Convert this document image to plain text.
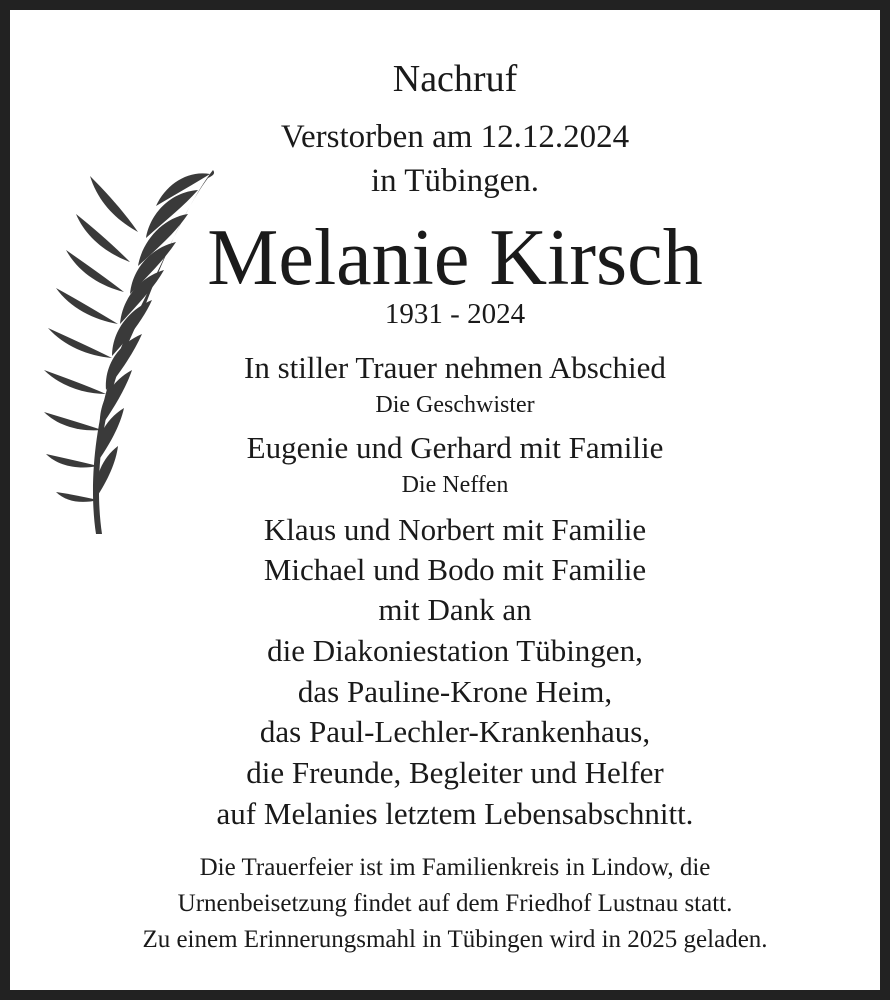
Nachruf
Verstorben am 12.12.2024
in Tübingen.
Melanie Kirsch
1931 - 2024
In stiller Trauer nehmen Abschied
Die Geschwister
Eugenie und Gerhard mit Familie
Die Neffen
Klaus und Norbert mit Familie
Michael und Bodo mit Familie
mit Dank an
die Diakoniestation Tübingen,
das Pauline-Krone Heim,
das Paul-Lechler-Krankenhaus,
die Freunde, Begleiter und Helfer
auf Melanies letztem Lebensabschnitt.
Die Trauerfeier ist im Familienkreis in Lindow, die
Urnenbeisetzung findet auf dem Friedhof Lustnau statt.
Zu einem Erinnerungsmahl in Tübingen wird in 2025 geladen.
